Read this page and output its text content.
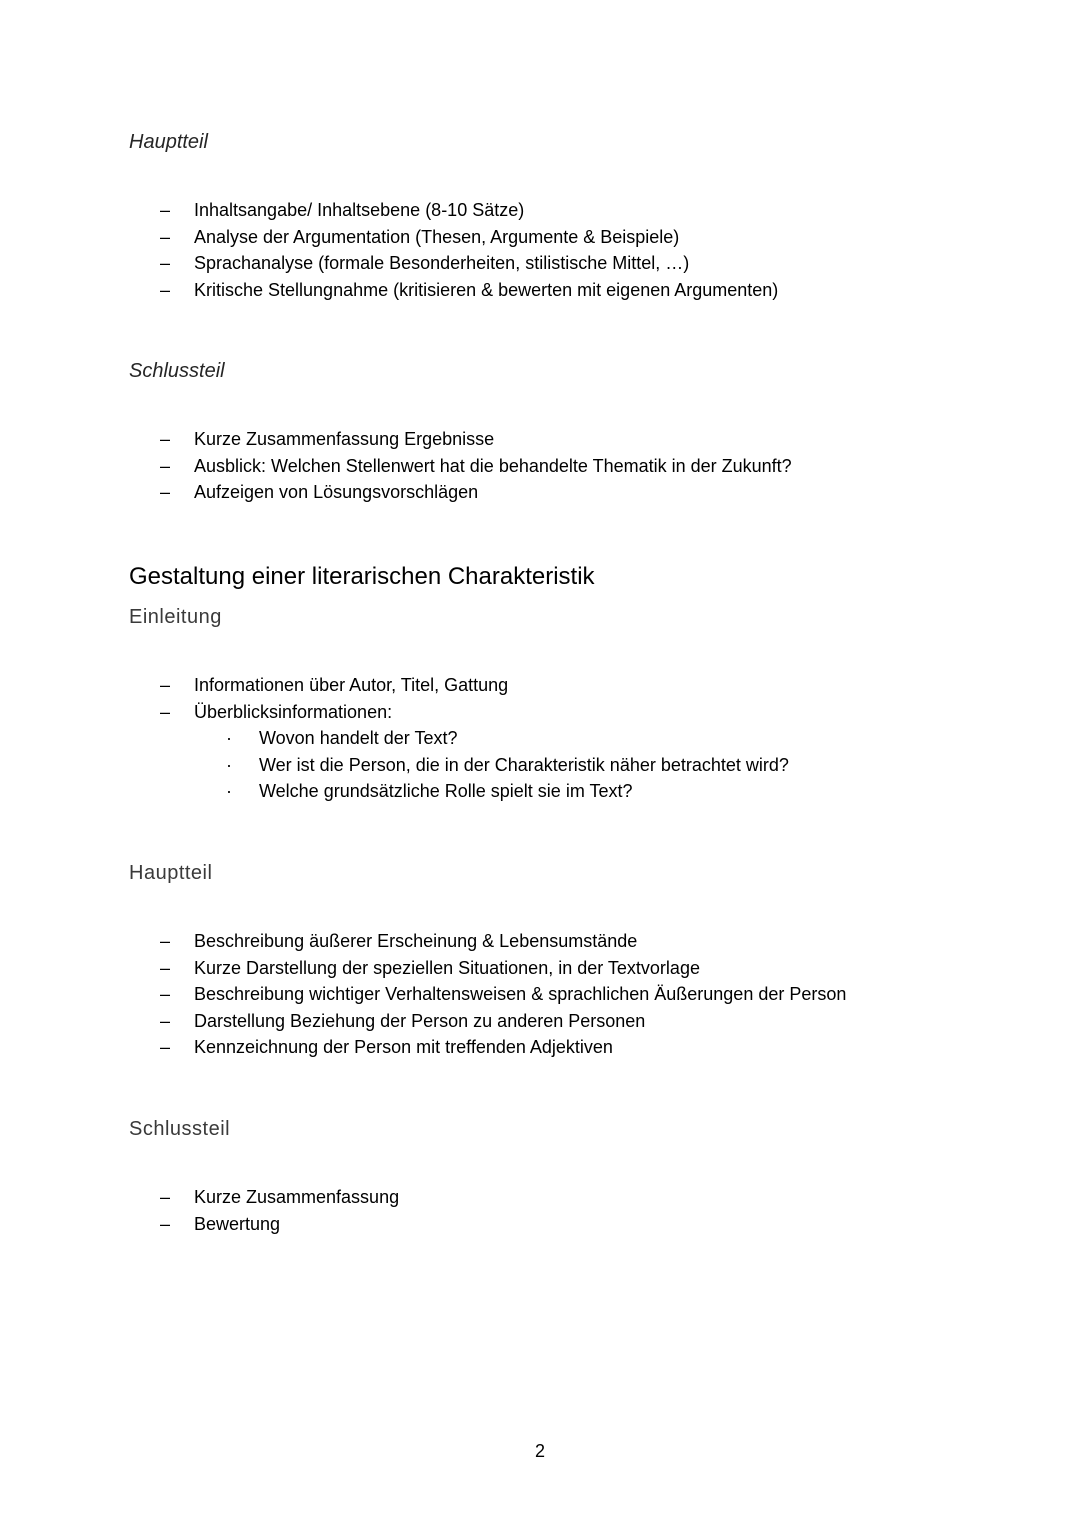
Hauptteil
– Inhaltsangabe/ Inhaltsebene (8-10 Sätze)
– Analyse der Argumentation (Thesen, Argumente & Beispiele)
– Sprachanalyse (formale Besonderheiten, stilistische Mittel, …)
– Kritische Stellungnahme (kritisieren & bewerten mit eigenen Argumenten)
Schlussteil
– Kurze Zusammenfassung Ergebnisse
– Ausblick: Welchen Stellenwert hat die behandelte Thematik in der Zukunft?
– Aufzeigen von Lösungsvorschlägen
Gestaltung einer literarischen Charakteristik
Einleitung
– Informationen über Autor, Titel, Gattung
– Überblicksinformationen:
· Wovon handelt der Text?
· Wer ist die Person, die in der Charakteristik näher betrachtet wird?
· Welche grundsätzliche Rolle spielt sie im Text?
Hauptteil
– Beschreibung äußerer Erscheinung & Lebensumstände
– Kurze Darstellung der speziellen Situationen, in der Textvorlage
– Beschreibung wichtiger Verhaltensweisen & sprachlichen Äußerungen der Person
– Darstellung Beziehung der Person zu anderen Personen
– Kennzeichnung der Person mit treffenden Adjektiven
Schlussteil
– Kurze Zusammenfassung
– Bewertung
2
